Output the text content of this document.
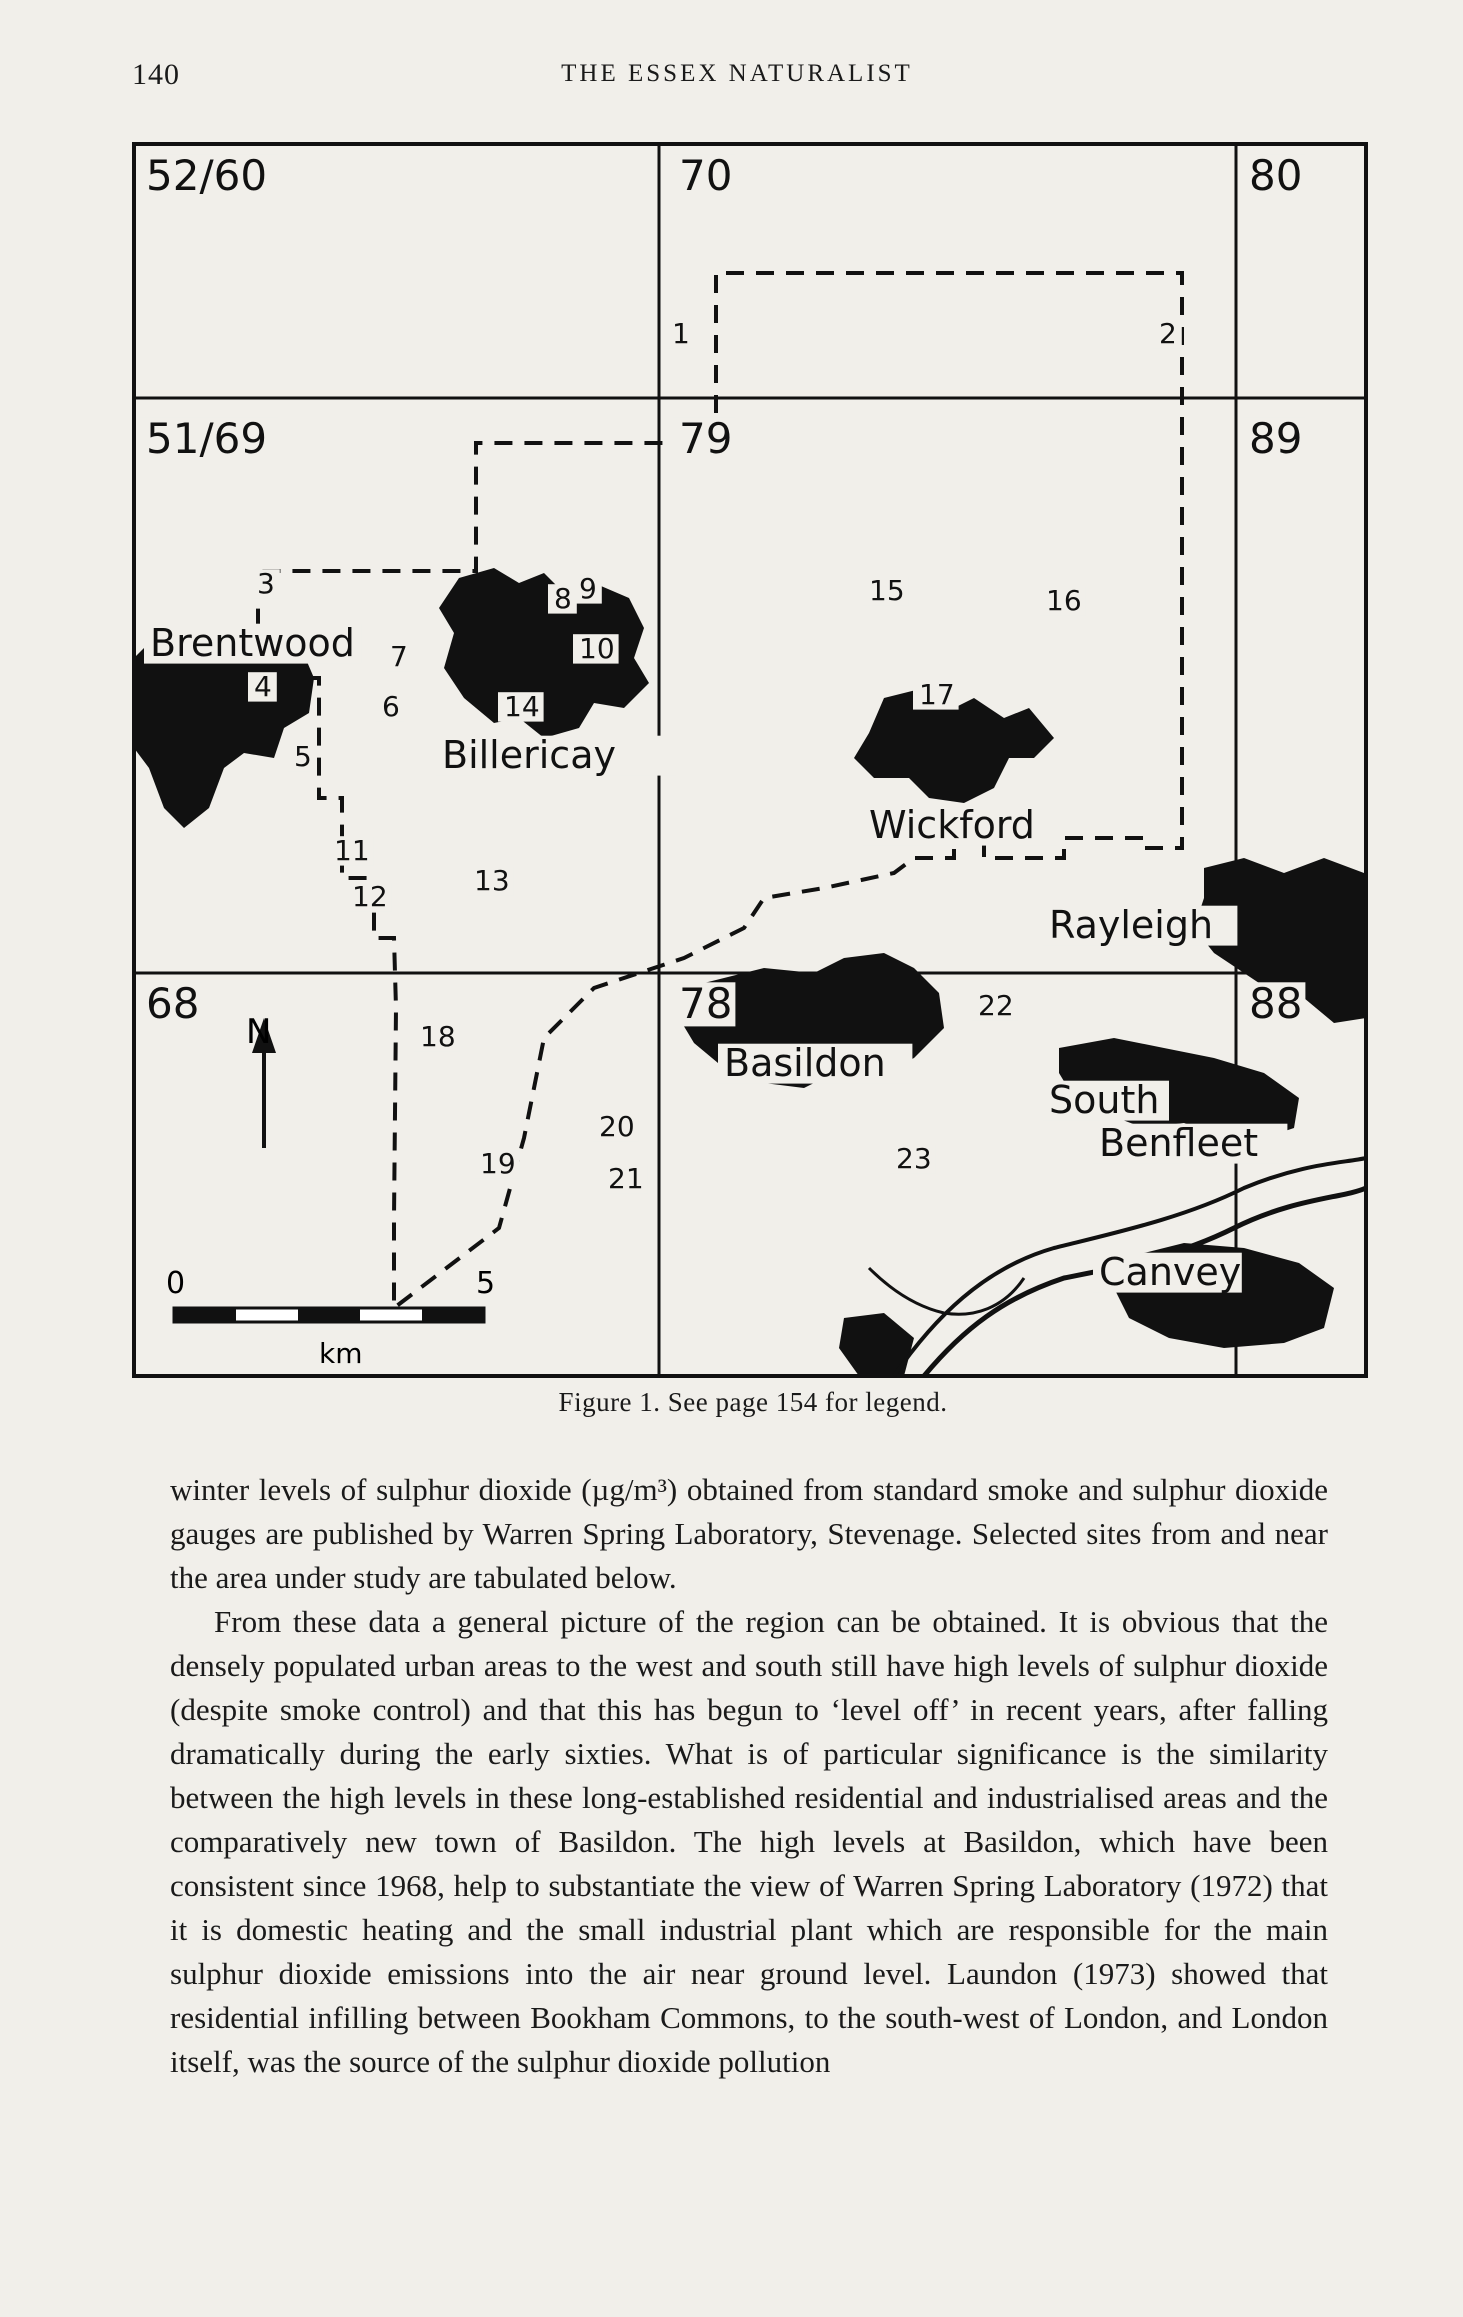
140	THE ESSEX NATURALIST
N
0	5
km
52/60	70	80
51/69	79	89
68	78	88
Brentwood
Billericay
Wickford
Rayleigh
Basildon
South
Benfleet
Canvey
1	2
3
4
5
6
7
8 9
10
11
12	13
14
15	16
17
18
19
20
21
22
23
Figure 1. See page 154 for legend.

winter levels of sulphur dioxide (µg/m³) obtained from standard smoke and sulphur dioxide gauges are published by Warren Spring Laboratory, Stevenage. Selected sites from and near the area under study are tabulated below.

From these data a general picture of the region can be obtained. It is obvious that the densely populated urban areas to the west and south still have high levels of sulphur dioxide (despite smoke control) and that this has begun to ‘level off’ in recent years, after falling dramatically during the early sixties. What is of particular significance is the similarity between the high levels in these long-established residential and industrialised areas and the comparatively new town of Basildon. The high levels at Basildon, which have been consistent since 1968, help to substantiate the view of Warren Spring Laboratory (1972) that it is domestic heating and the small industrial plant which are responsible for the main sulphur dioxide emissions into the air near ground level. Laundon (1973) showed that residential infilling between Bookham Commons, to the south-west of London, and London itself, was the source of the sulphur dioxide pollution
